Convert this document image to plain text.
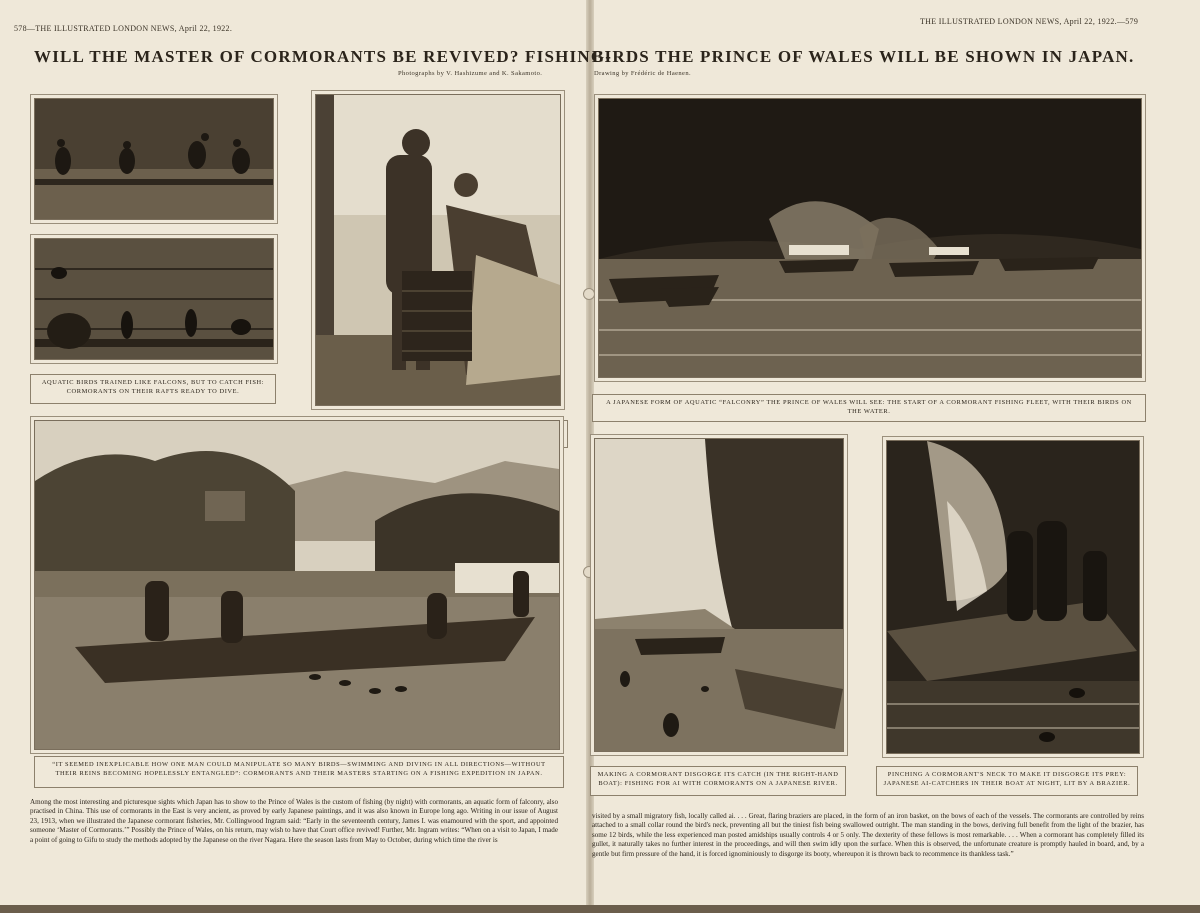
578—THE ILLUSTRATED LONDON NEWS, April 22, 1922.
THE ILLUSTRATED LONDON NEWS, April 22, 1922.—579
WILL THE MASTER OF CORMORANTS BE REVIVED? FISHING-
BIRDS THE PRINCE OF WALES WILL BE SHOWN IN JAPAN.
Photographs by V. Hashizume and K. Sakamoto.	Drawing by Frédéric de Haenen.
AQUATIC BIRDS TRAINED LIKE FALCONS, BUT TO CATCH FISH: CORMORANTS ON THEIR RAFTS READY TO DIVE.
“IT SEEMED INEXPLICABLE HOW ONE MAN COULD MANIPULATE SO MANY BIRDS—SWIMMING AND DIVING IN ALL DIRECTIONS—WITHOUT THEIR REINS BECOMING HOPELESSLY ENTANGLED”: CORMORANTS AND THEIR MASTERS STARTING ON A FISHING EXPEDITION IN JAPAN.
Among the most interesting and picturesque sights which Japan has to show to the Prince of Wales is the custom of fishing (by night) with cormorants, an aquatic form of falconry, also practised in China. This use of cormorants in the East is very ancient, as proved by early Japanese paintings, and it was also known in Europe long ago. Writing in our issue of August 23, 1913, when we illustrated the Japanese cormorant fisheries, Mr. Collingwood Ingram said: “Early in the seventeenth century, James I. was enamoured with the sport, and appointed someone ‘Master of Cormorants.’” Possibly the Prince of Wales, on his return, may wish to have that Court office revived! Further, Mr. Ingram writes: “When on a visit to Japan, I made a point of going to Gifu to study the methods adopted by the Japanese on the river Nagara. Here the season lasts from May to October, during which time the river is
A JAPANESE FORM OF AQUATIC “FALCONRY” THE PRINCE OF WALES WILL SEE: THE START OF A CORMORANT FISHING FLEET, WITH THEIR BIRDS ON THE WATER.
MAKING A CORMORANT DISGORGE ITS CATCH (IN THE RIGHT-HAND BOAT): FISHING FOR AI WITH CORMORANTS ON A JAPANESE RIVER.
PINCHING A CORMORANT'S NECK TO MAKE IT DISGORGE ITS PREY: JAPANESE AI-CATCHERS IN THEIR BOAT AT NIGHT, LIT BY A BRAZIER.
visited by a small migratory fish, locally called ai. . . . Great, flaring braziers are placed, in the form of an iron basket, on the bows of each of the vessels. The cormorants are controlled by reins attached to a small collar round the bird's neck, preventing all but the tiniest fish being swallowed outright. The man standing in the bows, deriving full benefit from the light of the brazier, has some 12 birds, while the less experienced man posted amidships usually controls 4 or 5 only. The dexterity of these fellows is most remarkable. . . . When a cormorant has completely filled its gullet, it naturally takes no further interest in the proceedings, and will then swim idly upon the surface. When this is observed, the unfortunate creature is promptly hauled in board, and, by a gentle but firm pressure of the hand, it is forced ignominiously to disgorge its booty, whereupon it is thrown back to recommence its thankless task.”
